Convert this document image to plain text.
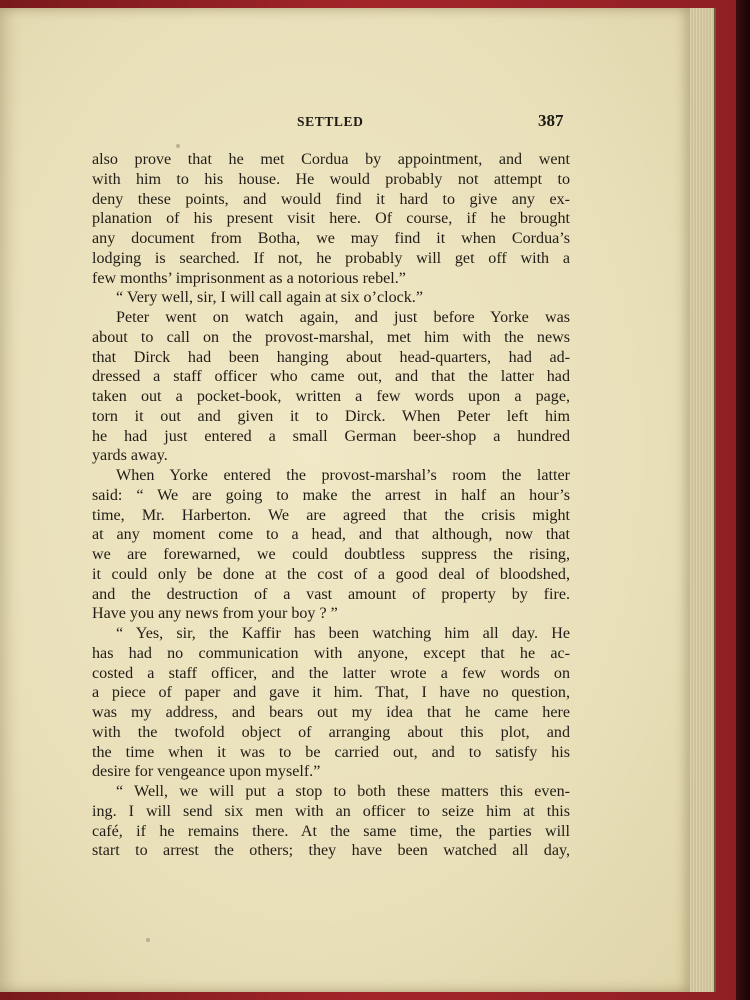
SETTLED	387
also prove that he met Cordua by appointment, and went
with him to his house. He would probably not attempt to
deny these points, and would find it hard to give any ex-
planation of his present visit here. Of course, if he brought
any document from Botha, we may find it when Cordua’s
lodging is searched. If not, he probably will get off with a
few months’ imprisonment as a notorious rebel.”
“ Very well, sir, I will call again at six o’clock.”
Peter went on watch again, and just before Yorke was
about to call on the provost-marshal, met him with the news
that Dirck had been hanging about head-quarters, had ad-
dressed a staff officer who came out, and that the latter had
taken out a pocket-book, written a few words upon a page,
torn it out and given it to Dirck. When Peter left him
he had just entered a small German beer-shop a hundred
yards away.
When Yorke entered the provost-marshal’s room the latter
said: “ We are going to make the arrest in half an hour’s
time, Mr. Harberton. We are agreed that the crisis might
at any moment come to a head, and that although, now that
we are forewarned, we could doubtless suppress the rising,
it could only be done at the cost of a good deal of bloodshed,
and the destruction of a vast amount of property by fire.
Have you any news from your boy ? ”
“ Yes, sir, the Kaffir has been watching him all day. He
has had no communication with anyone, except that he ac-
costed a staff officer, and the latter wrote a few words on
a piece of paper and gave it him. That, I have no question,
was my address, and bears out my idea that he came here
with the twofold object of arranging about this plot, and
the time when it was to be carried out, and to satisfy his
desire for vengeance upon myself.”
“ Well, we will put a stop to both these matters this even-
ing. I will send six men with an officer to seize him at this
café, if he remains there. At the same time, the parties will
start to arrest the others; they have been watched all day,
